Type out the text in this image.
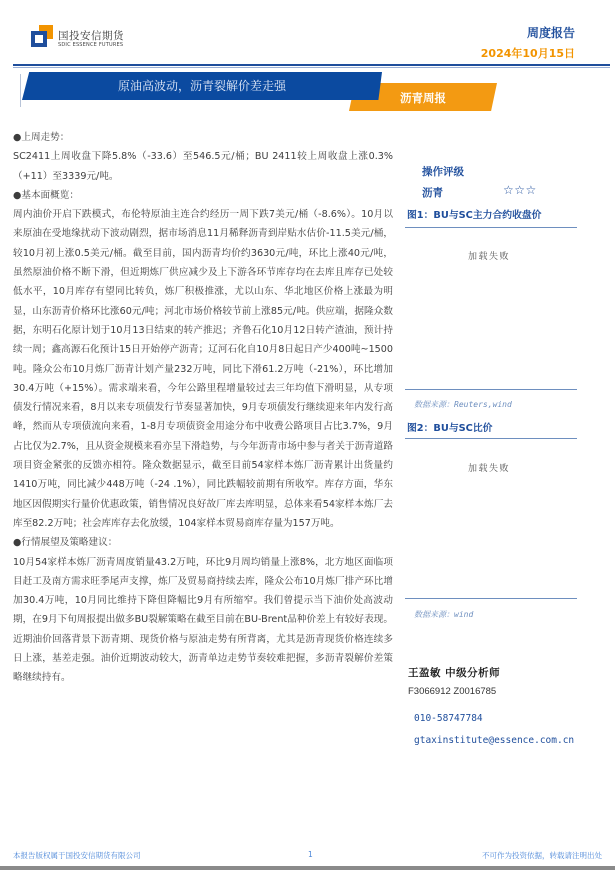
国投安信期货
SDIC ESSENCE FUTURES
周度报告
2024年10月15日
沥青周报
原油高波动，沥青裂解价差走强

●上周走势：

SC2411上周收盘下降5.8%（-33.6）至546.5元/桶；BU 2411较上周收盘上涨0.3%（+11）至3339元/吨。

●基本面概览：

周内油价开启下跌模式，布伦特原油主连合约经历一周下跌7美元/桶（-8.6%）。10月以来原油在受地缘扰动下波动剧烈，据市场消息11月稀释沥青到岸贴水估价-11.5美元/桶，较10月初上涨0.5美元/桶。截至目前，国内沥青均价约3630元/吨，环比上涨40元/吨，虽然原油价格不断下滑，但近期炼厂供应减少及上下游各环节库存均在去库且库存已处较低水平，10月库存有望同比转负，炼厂积极推涨，尤以山东、华北地区价格上涨最为明显，山东沥青价格环比涨60元/吨；河北市场价格较节前上涨85元/吨。供应端，据隆众数据，东明石化原计划于10月13日结束的转产推迟；齐鲁石化10月12日转产渣油，预计持续一周；鑫高源石化预计15日开始停产沥青；辽河石化自10月8日起日产少400吨~1500吨。隆众公布10月炼厂沥青计划产量232万吨，同比下滑61.2万吨（-21%），环比增加30.4万吨（+15%）。需求端来看，今年公路里程增量较过去三年均值下滑明显，从专项债发行情况来看，8月以来专项债发行节奏显著加快，9月专项债发行继续迎来年内发行高峰，然而从专项债流向来看，1-8月专项债资金用途分布中收费公路项目占比3.7%，9月占比仅为2.7%，且从资金规模来看亦呈下滑趋势，与今年沥青市场中参与者关于沥青道路项目资金紧张的反馈亦相符。隆众数据显示，截至目前54家样本炼厂沥青累计出货量约1410万吨，同比减少448万吨（-24 .1%），同比跌幅较前期有所收窄。库存方面，华东地区因假期实行量价优惠政策，销售情况良好故厂库去库明显，总体来看54家样本炼厂去库至82.2万吨；社会库库存去化放缓，104家样本贸易商库存量为157万吨。

●行情展望及策略建议：

10月54家样本炼厂沥青周度销量43.2万吨，环比9月周均销量上涨8%，北方地区面临项目赶工及南方需求旺季尾声支撑，炼厂及贸易商持续去库，隆众公布10月炼厂排产环比增加30.4万吨，10月同比维持下降但降幅比9月有所缩窄。我们曾提示当下油价处高波动期，在9月下旬周报提出做多BU裂解策略在截至目前在BU-Brent品种价差上有较好表现。近期油价回落背景下沥青期、现货价格与原油走势有所背离，尤其是沥青现货价格连续多日上涨，基差走强。油价近期波动较大，沥青单边走势节奏较难把握，多沥青裂解价差策略继续持有。

操作评级
沥青	☆☆☆
图1：BU与SC主力合约收盘价
加载失败
数据来源：Reuters,wind
图2：BU与SC比价
加载失败
数据来源：wind
王盈敏 中级分析师
F3066912 Z0016785
010-58747784
gtaxinstitute@essence.com.cn
本报告版权属于国投安信期货有限公司	1	不可作为投资依据，转载请注明出处
